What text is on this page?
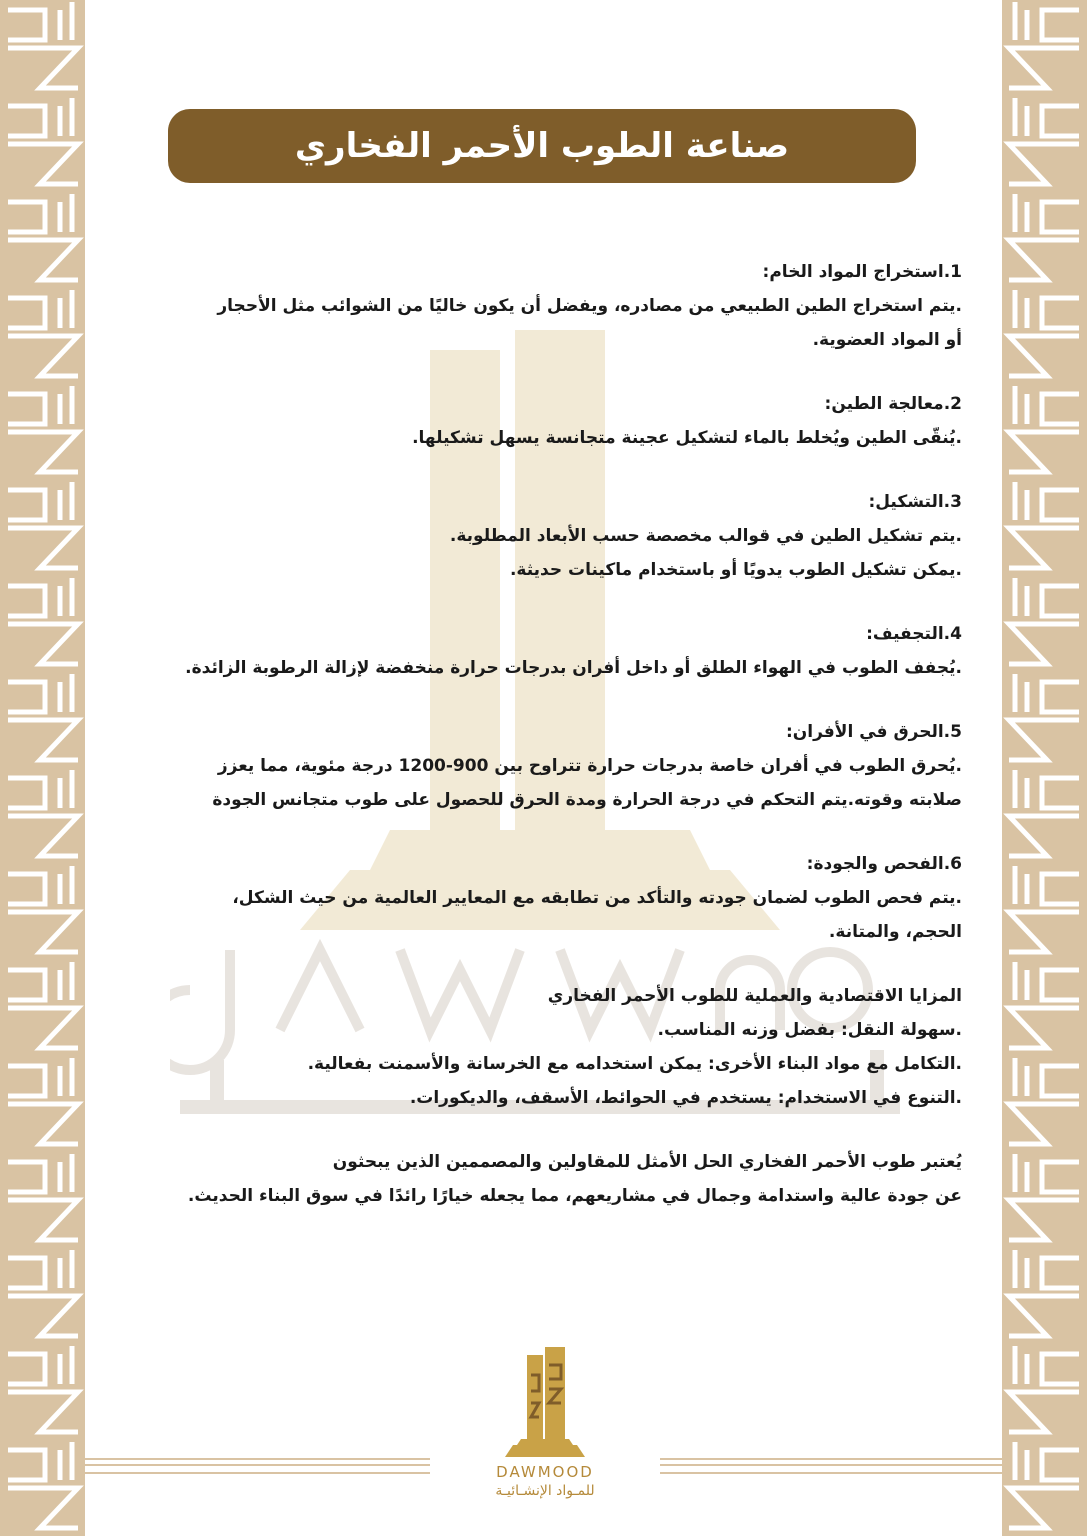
صناعة الطوب الأحمر الفخاري

1.استخراج المواد الخام:

.يتم استخراج الطين الطبيعي من مصادره، ويفضل أن يكون خاليًا من الشوائب مثل الأحجار

أو المواد العضوية.

2.معالجة الطين:

.يُنقّى الطين ويُخلط بالماء لتشكيل عجينة متجانسة يسهل تشكيلها.

3.التشكيل:

.يتم تشكيل الطين في قوالب مخصصة حسب الأبعاد المطلوبة.

.يمكن تشكيل الطوب يدويًا أو باستخدام ماكينات حديثة.

4.التجفيف:

.يُجفف الطوب في الهواء الطلق أو داخل أفران بدرجات حرارة منخفضة لإزالة الرطوبة الزائدة.

5.الحرق في الأفران:

.يُحرق الطوب في أفران خاصة بدرجات حرارة تتراوح بين 900-1200 درجة مئوية، مما يعزز

صلابته وقوته.يتم التحكم في درجة الحرارة ومدة الحرق للحصول على طوب متجانس الجودة

6.الفحص والجودة:

.يتم فحص الطوب لضمان جودته والتأكد من تطابقه مع المعايير العالمية من حيث الشكل،

الحجم، والمتانة.

المزايا الاقتصادية والعملية للطوب الأحمر الفخاري

.سهولة النقل: بفضل وزنه المناسب.

.التكامل مع مواد البناء الأخرى: يمكن استخدامه مع الخرسانة والأسمنت بفعالية.

.التنوع في الاستخدام: يستخدم في الحوائط، الأسقف، والديكورات.

يُعتبر طوب الأحمر الفخاري الحل الأمثل للمقاولين والمصممين الذين يبحثون

عن جودة عالية واستدامة وجمال في مشاريعهم، مما يجعله خيارًا رائدًا في سوق البناء الحديث.

DAWMOOD
للمـواد الإنشـائيـة
